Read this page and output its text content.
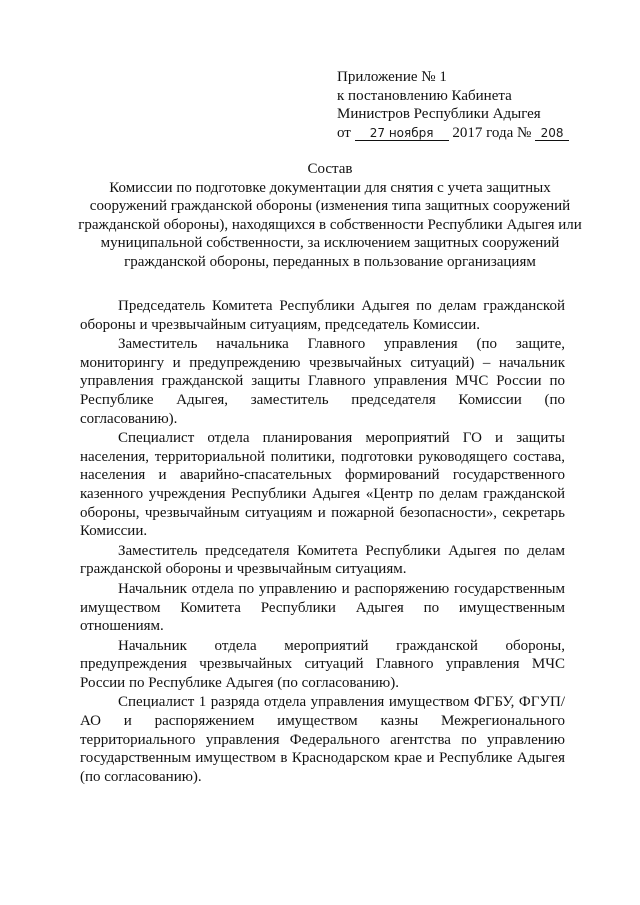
Приложение № 1
к постановлению Кабинета
Министров Республики Адыгея
от 27 ноября 2017 года № 208
Состав
Комиссии по подготовке документации для снятия с учета защитных сооружений гражданской обороны (изменения типа защитных сооружений гражданской обороны), находящихся в собственности Республики Адыгея или муниципальной собственности, за исключением защитных сооружений гражданской обороны, переданных в пользование организациям

Председатель Комитета Республики Адыгея по делам гражданской обороны и чрезвычайным ситуациям, председатель Комиссии.

Заместитель начальника Главного управления (по защите, мониторингу и предупреждению чрезвычайных ситуаций) – начальник управления гражданской защиты Главного управления МЧС России по Республике Адыгея, заместитель председателя Комиссии (по согласованию).

Специалист отдела планирования мероприятий ГО и защиты населения, территориальной политики, подготовки руководящего состава, населения и аварийно-спасательных формирований государственного казенного учреждения Республики Адыгея «Центр по делам гражданской обороны, чрезвычайным ситуациям и пожарной безопасности», секретарь Комиссии.

Заместитель председателя Комитета Республики Адыгея по делам гражданской обороны и чрезвычайным ситуациям.

Начальник отдела по управлению и распоряжению государственным имуществом Комитета Республики Адыгея по имущественным отношениям.

Начальник отдела мероприятий гражданской обороны, предупреждения чрезвычайных ситуаций Главного управления МЧС России по Республике Адыгея (по согласованию).

Специалист 1 разряда отдела управления имуществом ФГБУ, ФГУП/АО и распоряжением имуществом казны Межрегионального территориального управления Федерального агентства по управлению государственным имуществом в Краснодарском крае и Республике Адыгея (по согласованию).
